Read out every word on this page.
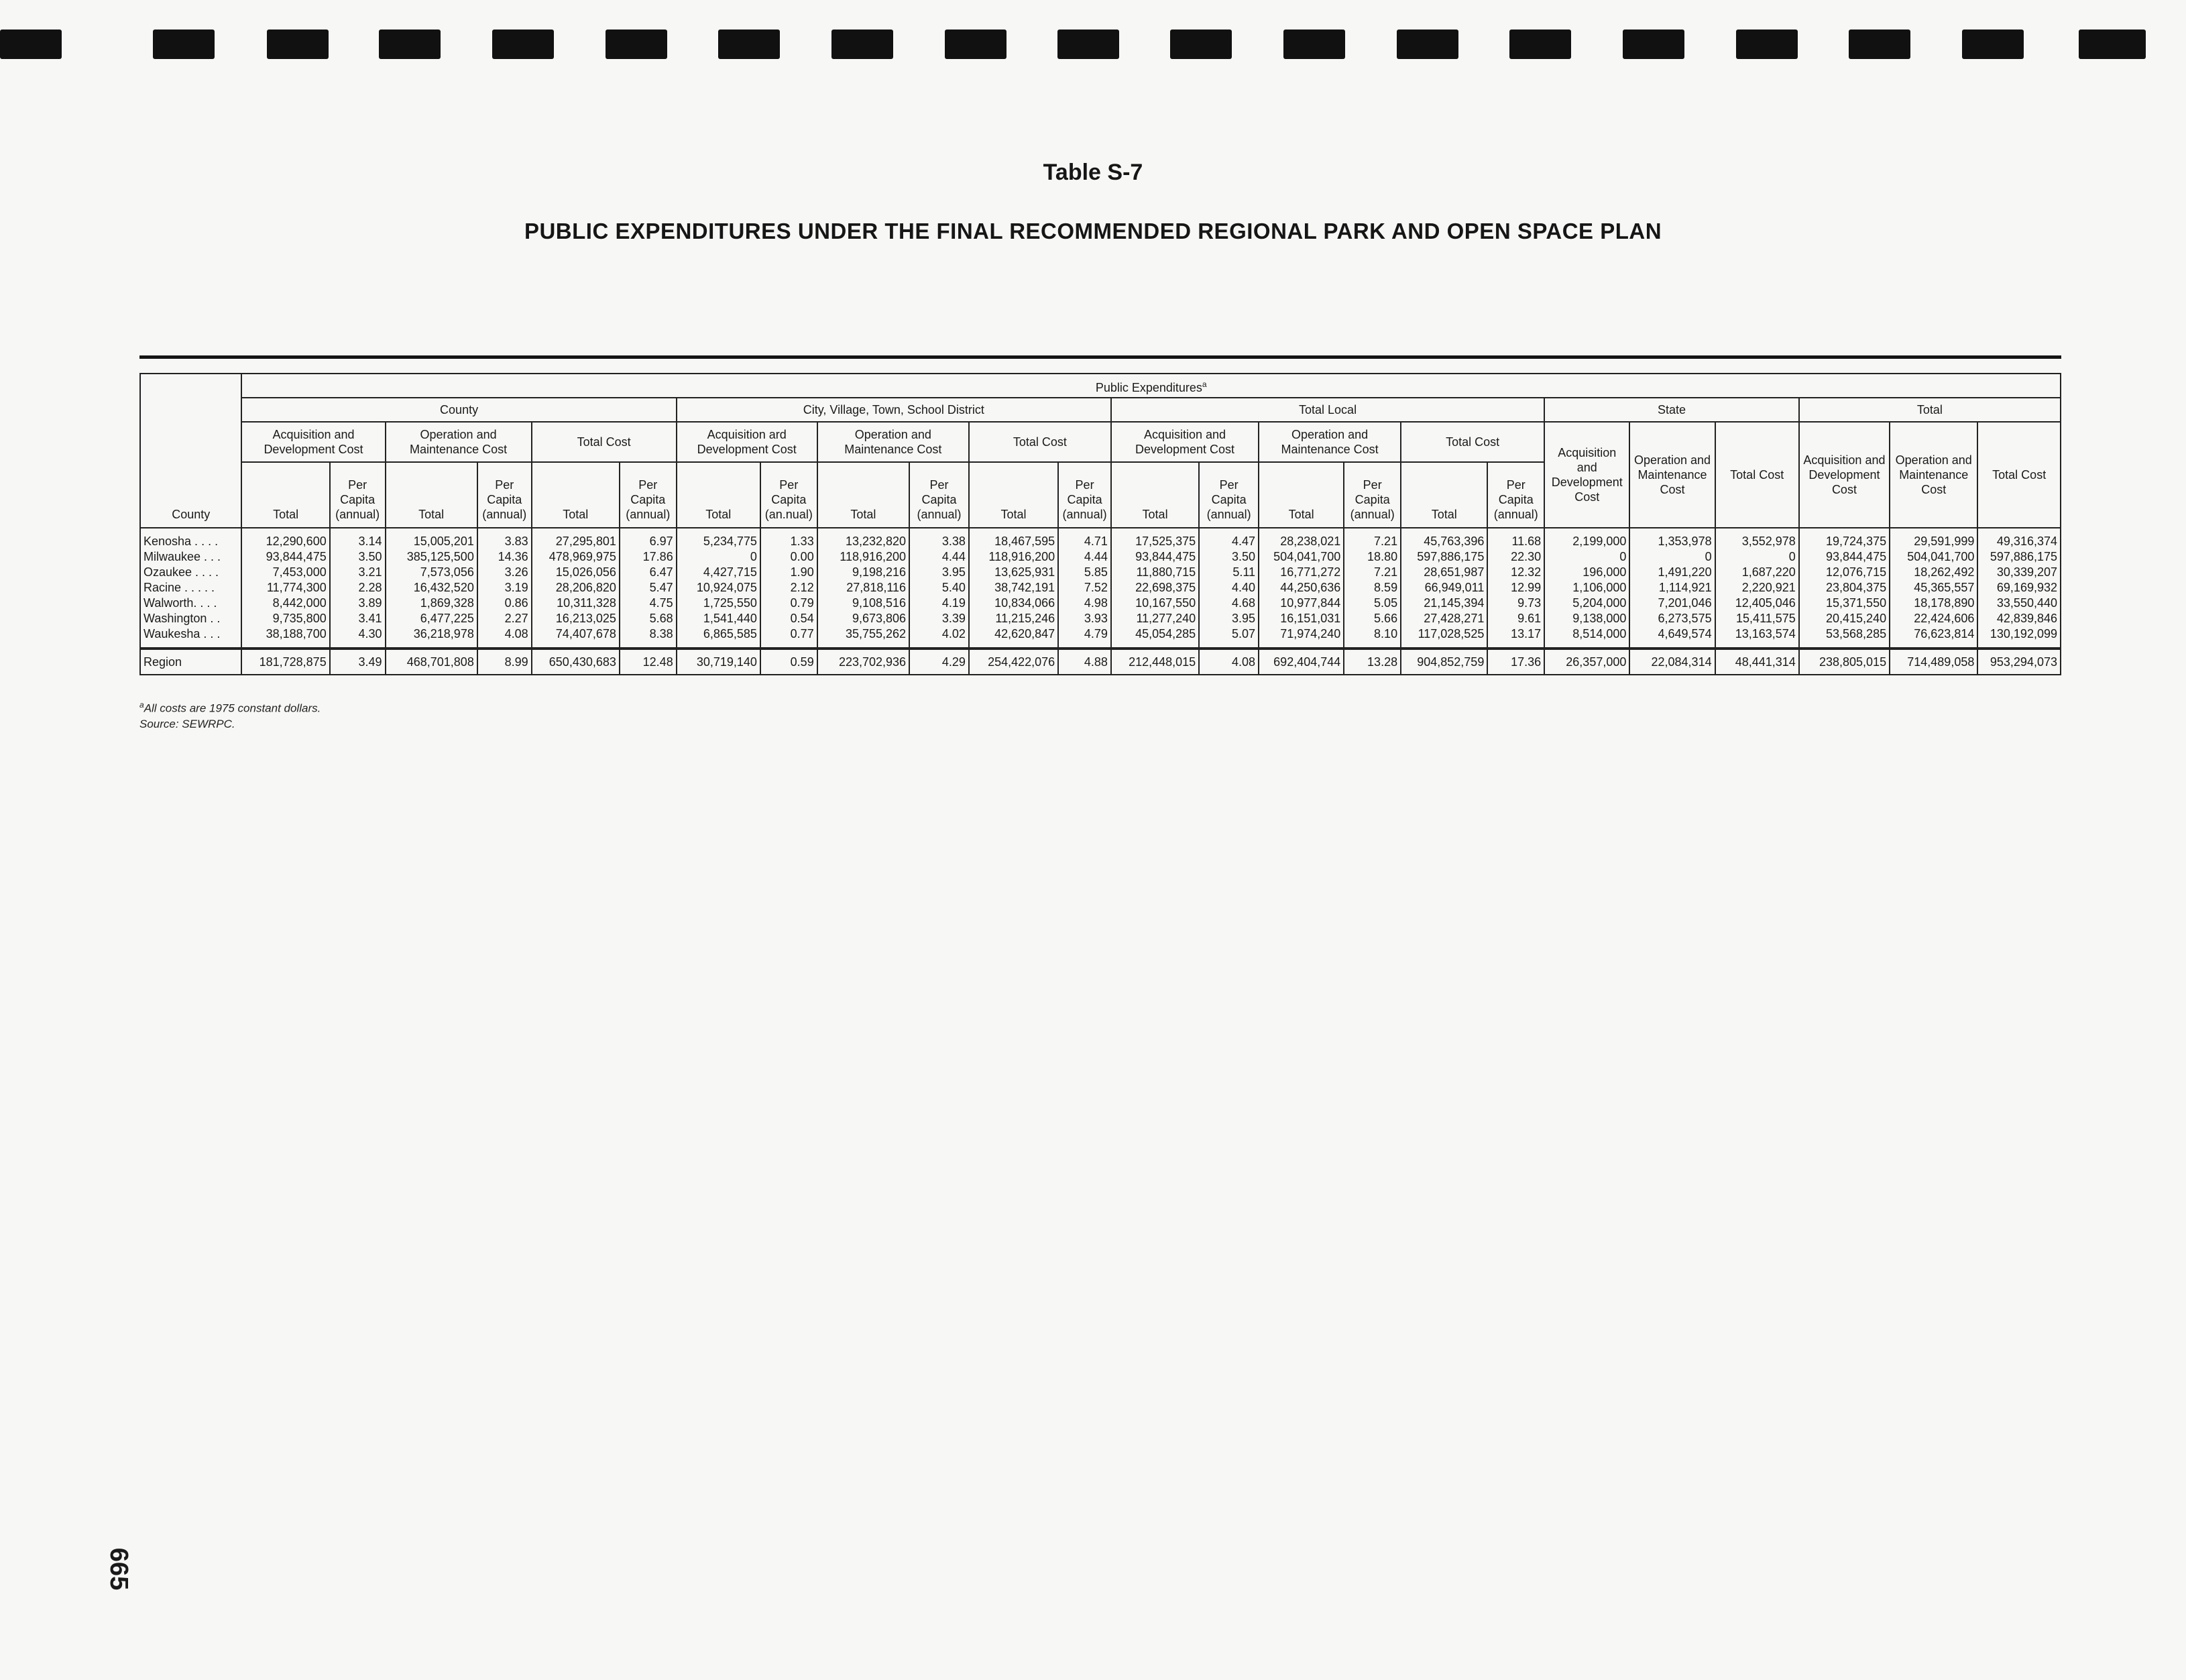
Table S-7
PUBLIC EXPENDITURES UNDER THE FINAL RECOMMENDED REGIONAL PARK AND OPEN SPACE PLAN
County	Public Expenditures$^a$
	County						City, Village, Town, School District						Total Local						State			Total		
	Acquisition and Development Cost		Operation and Maintenance Cost		Total Cost		Acquisition ard Development Cost		Operation and Maintenance Cost		Total Cost		Acquisition and Development Cost		Operation and Maintenance Cost		Total Cost		Acquisition and Development Cost	Operation and Maintenance Cost	Total Cost	Acquisition and Development Cost	Operation and Maintenance Cost	Total Cost
	Total	Per Capita (annual)	Total	Per Capita (annual)	Total	Per Capita (annual)	Total	Per Capita (an.nual)	Total	Per Capita (annual)	Total	Per Capita (annual)	Total	Per Capita (annual)	Total	Per Capita (annual)	Total	Per Capita (annual)						
Kenosha . . . .	12,290,600	3.14	15,005,201	3.83	27,295,801	6.97	5,234,775	1.33	13,232,820	3.38	18,467,595	4.71	17,525,375	4.47	28,238,021	7.21	45,763,396	11.68	2,199,000	1,353,978	3,552,978	19,724,375	29,591,999	49,316,374
Milwaukee . . .	93,844,475	3.50	385,125,500	14.36	478,969,975	17.86	0	0.00	118,916,200	4.44	118,916,200	4.44	93,844,475	3.50	504,041,700	18.80	597,886,175	22.30	0	0	0	93,844,475	504,041,700	597,886,175
Ozaukee . . . .	7,453,000	3.21	7,573,056	3.26	15,026,056	6.47	4,427,715	1.90	9,198,216	3.95	13,625,931	5.85	11,880,715	5.11	16,771,272	7.21	28,651,987	12.32	196,000	1,491,220	1,687,220	12,076,715	18,262,492	30,339,207
Racine . . . . .	11,774,300	2.28	16,432,520	3.19	28,206,820	5.47	10,924,075	2.12	27,818,116	5.40	38,742,191	7.52	22,698,375	4.40	44,250,636	8.59	66,949,011	12.99	1,106,000	1,114,921	2,220,921	23,804,375	45,365,557	69,169,932
Walworth. . . .	8,442,000	3.89	1,869,328	0.86	10,311,328	4.75	1,725,550	0.79	9,108,516	4.19	10,834,066	4.98	10,167,550	4.68	10,977,844	5.05	21,145,394	9.73	5,204,000	7,201,046	12,405,046	15,371,550	18,178,890	33,550,440
Washington . .	9,735,800	3.41	6,477,225	2.27	16,213,025	5.68	1,541,440	0.54	9,673,806	3.39	11,215,246	3.93	11,277,240	3.95	16,151,031	5.66	27,428,271	9.61	9,138,000	6,273,575	15,411,575	20,415,240	22,424,606	42,839,846
Waukesha . . .	38,188,700	4.30	36,218,978	4.08	74,407,678	8.38	6,865,585	0.77	35,755,262	4.02	42,620,847	4.79	45,054,285	5.07	71,974,240	8.10	117,028,525	13.17	8,514,000	4,649,574	13,163,574	53,568,285	76,623,814	130,192,099
Region	181,728,875	3.49	468,701,808	8.99	650,430,683	12.48	30,719,140	0.59	223,702,936	4.29	254,422,076	4.88	212,448,015	4.08	692,404,744	13.28	904,852,759	17.36	26,357,000	22,084,314	48,441,314	238,805,015	714,489,058	953,294,073
$^a$All costs are 1975 constant dollars.
Source: SEWRPC.
665
